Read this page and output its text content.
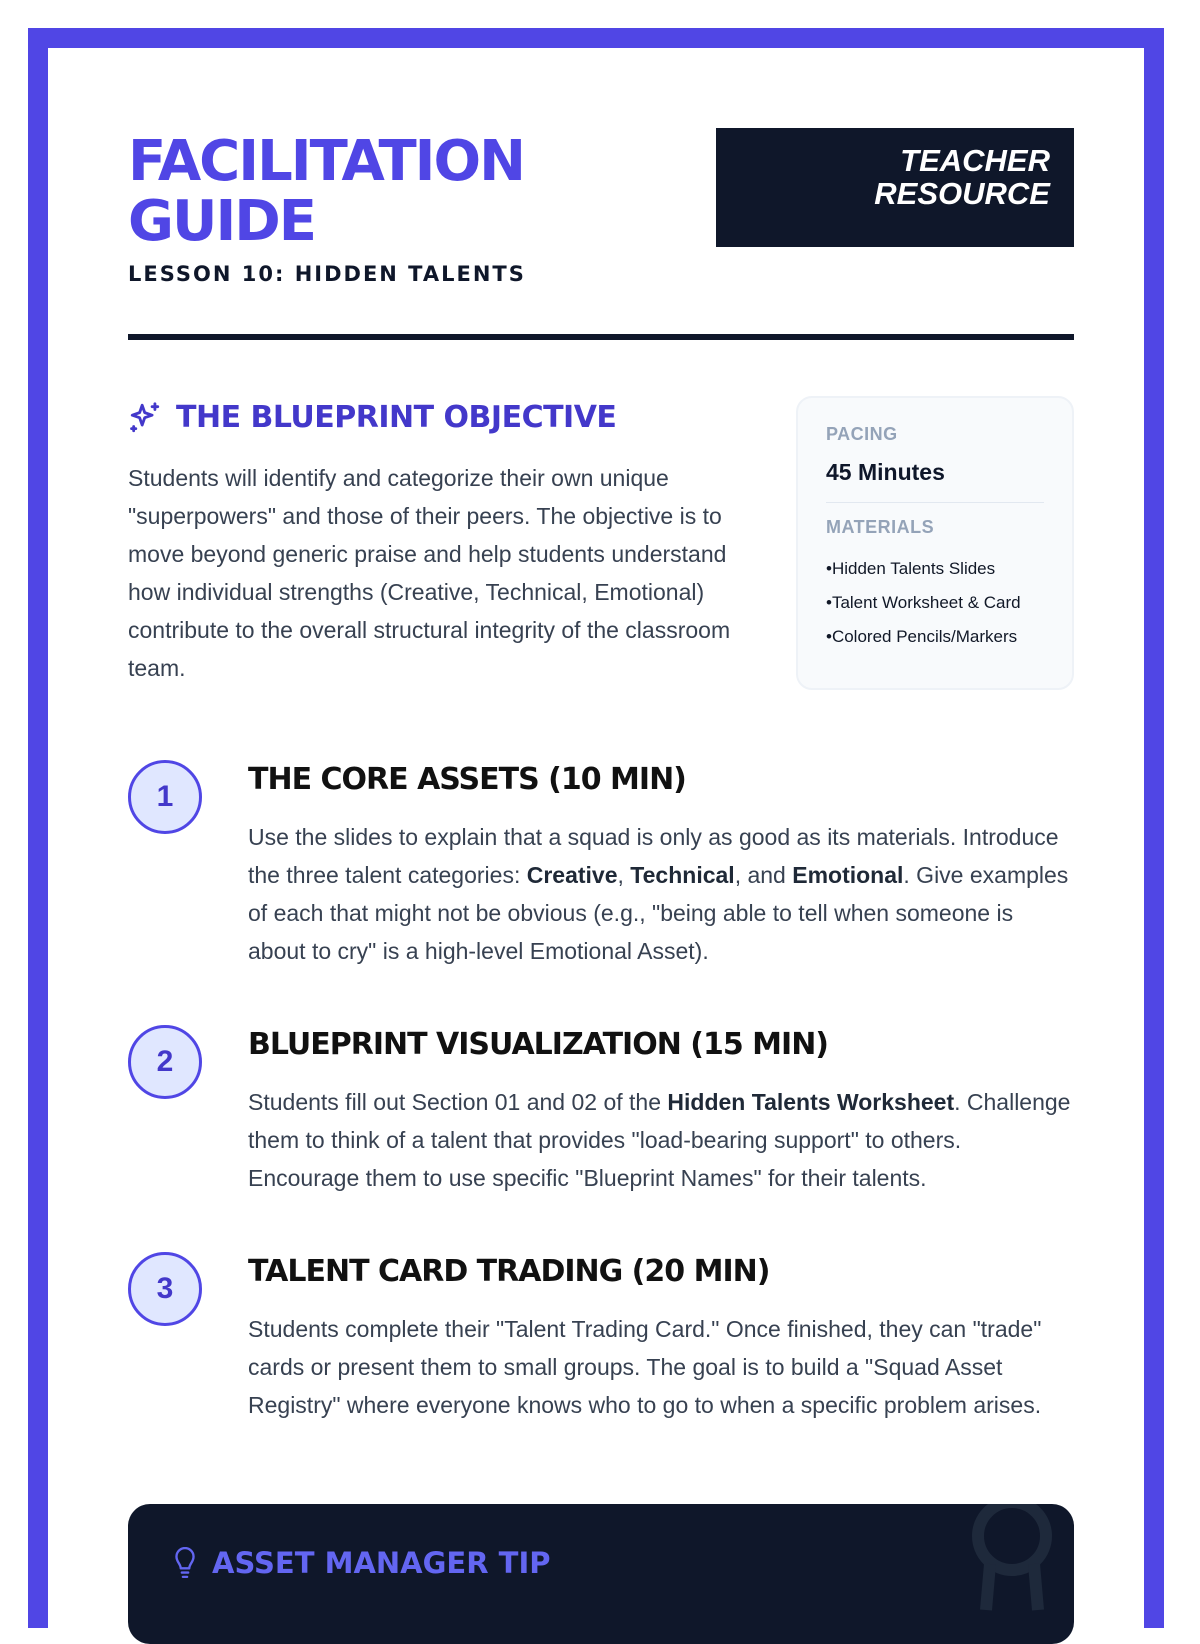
FACILITATION
GUIDE
LESSON 10: HIDDEN TALENTS
TEACHER
RESOURCE
THE BLUEPRINT OBJECTIVE

Students will identify and categorize their own unique "superpowers" and those of their peers. The objective is to move beyond generic praise and help students understand how individual strengths (Creative, Technical, Emotional) contribute to the overall structural integrity of the classroom team.

PACING
45 Minutes
MATERIALS
• Hidden Talents Slides
• Talent Worksheet & Card
• Colored Pencils/Markers
1	THE CORE ASSETS (10 MIN)

Use the slides to explain that a squad is only as good as its materials. Introduce the three talent categories: Creative, Technical, and Emotional. Give examples of each that might not be obvious (e.g., "being able to tell when someone is about to cry" is a high-level Emotional Asset).

2	BLUEPRINT VISUALIZATION (15 MIN)

Students fill out Section 01 and 02 of the Hidden Talents Worksheet. Challenge them to think of a talent that provides "load-bearing support" to others. Encourage them to use specific "Blueprint Names" for their talents.

3	TALENT CARD TRADING (20 MIN)

Students complete their "Talent Trading Card." Once finished, they can "trade" cards or present them to small groups. The goal is to build a "Squad Asset Registry" where everyone knows who to go to when a specific problem arises.

ASSET MANAGER TIP
